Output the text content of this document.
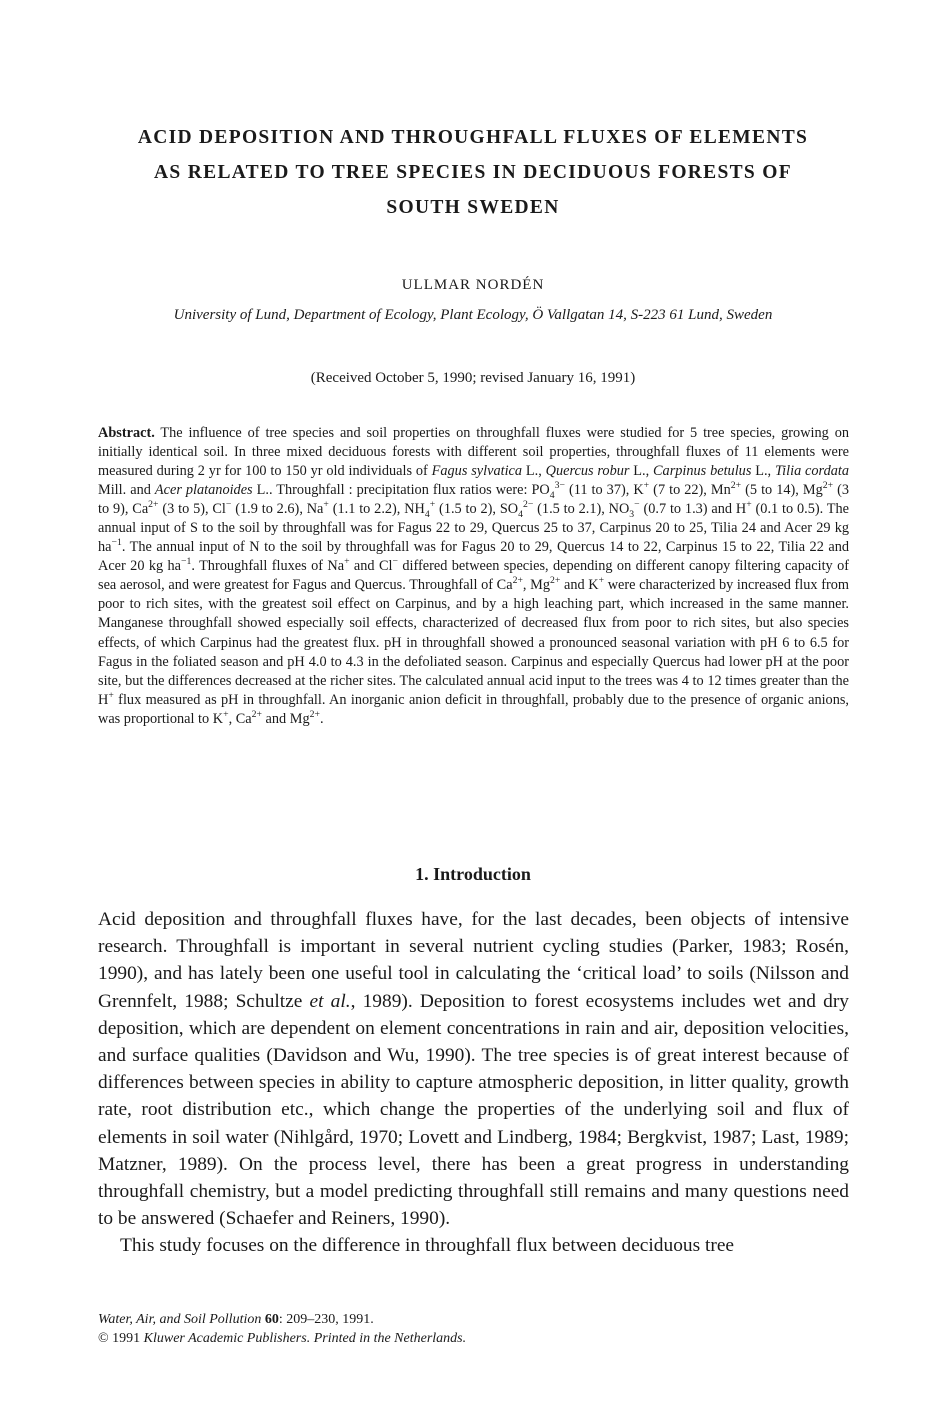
ACID DEPOSITION AND THROUGHFALL FLUXES OF ELEMENTS
AS RELATED TO TREE SPECIES IN DECIDUOUS FORESTS OF
SOUTH SWEDEN
ULLMAR NORDÉN
University of Lund, Department of Ecology, Plant Ecology, Ö Vallgatan 14, S-223 61 Lund, Sweden
(Received October 5, 1990; revised January 16, 1991)
Abstract. The influence of tree species and soil properties on throughfall fluxes were studied for 5 tree species, growing on initially identical soil. In three mixed deciduous forests with different soil properties, throughfall fluxes of 11 elements were measured during 2 yr for 100 to 150 yr old individuals of Fagus sylvatica L., Quercus robur L., Carpinus betulus L., Tilia cordata Mill. and Acer platanoides L.. Throughfall : precipitation flux ratios were: $PO_4^{3-}$ (11 to 37), K+ (7 to 22), $Mn^{2+}$ (5 to 14), $Mg^{2+}$ (3 to 9), $Ca^{2+}$ (3 to 5), Cl− (1.9 to 2.6), Na+ (1.1 to 2.2), $NH_4^+$ (1.5 to 2), $SO_4^{2-}$ (1.5 to 2.1), $NO_3^-$ (0.7 to 1.3) and H+ (0.1 to 0.5). The annual input of S to the soil by throughfall was for Fagus 22 to 29, Quercus 25 to 37, Carpinus 20 to 25, Tilia 24 and Acer 29 kg $ha^{-1}$. The annual input of N to the soil by throughfall was for Fagus 20 to 29, Quercus 14 to 22, Carpinus 15 to 22, Tilia 22 and Acer 20 kg $ha^{-1}$. Throughfall fluxes of Na+ and Cl− differed between species, depending on different canopy filtering capacity of sea aerosol, and were greatest for Fagus and Quercus. Throughfall of $Ca^{2+}$, $Mg^{2+}$ and K+ were characterized by increased flux from poor to rich sites, with the greatest soil effect on Carpinus, and by a high leaching part, which increased in the same manner. Manganese throughfall showed especially soil effects, characterized of decreased flux from poor to rich sites, but also species effects, of which Carpinus had the greatest flux. pH in throughfall showed a pronounced seasonal variation with pH 6 to 6.5 for Fagus in the foliated season and pH 4.0 to 4.3 in the defoliated season. Carpinus and especially Quercus had lower pH at the poor site, but the differences decreased at the richer sites. The calculated annual acid input to the trees was 4 to 12 times greater than the H+ flux measured as pH in throughfall. An inorganic anion deficit in throughfall, probably due to the presence of organic anions, was proportional to K+, $Ca^{2+}$ and $Mg^{2+}$.
1. Introduction

Acid deposition and throughfall fluxes have, for the last decades, been objects of intensive research. Throughfall is important in several nutrient cycling studies (Parker, 1983; Rosén, 1990), and has lately been one useful tool in calculating the ‘critical load’ to soils (Nilsson and Grennfelt, 1988; Schultze et al., 1989). Deposition to forest ecosystems includes wet and dry deposition, which are dependent on element concentrations in rain and air, deposition velocities, and surface qualities (Davidson and Wu, 1990). The tree species is of great interest because of differences between species in ability to capture atmospheric deposition, in litter quality, growth rate, root distribution etc., which change the properties of the underlying soil and flux of elements in soil water (Nihlgård, 1970; Lovett and Lindberg, 1984; Bergkvist, 1987; Last, 1989; Matzner, 1989). On the process level, there has been a great progress in understanding throughfall chemistry, but a model predicting throughfall still remains and many questions need to be answered (Schaefer and Reiners, 1990).

This study focuses on the difference in throughfall flux between deciduous tree

Water, Air, and Soil Pollution 60: 209–230, 1991.
© 1991 Kluwer Academic Publishers. Printed in the Netherlands.
